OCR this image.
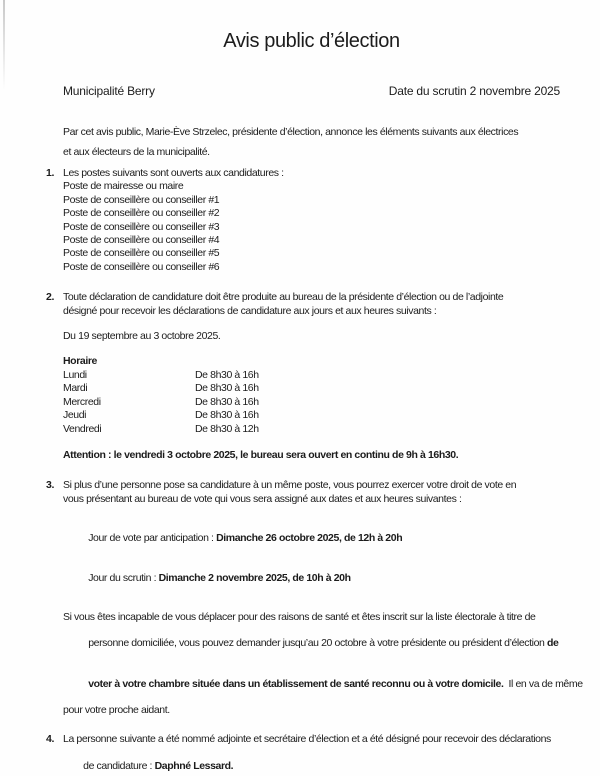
Avis public d’élection
Municipalité Berry	Date du scrutin 2 novembre 2025
Par cet avis public, Marie-Ève Strzelec, présidente d’élection, annonce les éléments suivants aux électrices
et aux électeurs de la municipalité.
1. Les postes suivants sont ouverts aux candidatures :
Poste de mairesse ou maire
Poste de conseillère ou conseiller #1
Poste de conseillère ou conseiller #2
Poste de conseillère ou conseiller #3
Poste de conseillère ou conseiller #4
Poste de conseillère ou conseiller #5
Poste de conseillère ou conseiller #6
2. Toute déclaration de candidature doit être produite au bureau de la présidente d’élection ou de l’adjointe
désigné pour recevoir les déclarations de candidature aux jours et aux heures suivants :
Du 19 septembre au 3 octobre 2025.
Horaire
Lundi	De 8h30 à 16h
Mardi	De 8h30 à 16h
Mercredi	De 8h30 à 16h
Jeudi	De 8h30 à 16h
Vendredi	De 8h30 à 12h
Attention : le vendredi 3 octobre 2025, le bureau sera ouvert en continu de 9h à 16h30.
3. Si plus d’une personne pose sa candidature à un même poste, vous pourrez exercer votre droit de vote en
vous présentant au bureau de vote qui vous sera assigné aux dates et aux heures suivantes :

Jour de vote par anticipation : Dimanche 26 octobre 2025, de 12h à 20h

Jour du scrutin : Dimanche 2 novembre 2025, de 10h à 20h

Si vous êtes incapable de vous déplacer pour des raisons de santé et êtes inscrit sur la liste électorale à titre de

personne domiciliée, vous pouvez demander jusqu’au 20 octobre à votre présidente ou président d’élection de

voter à votre chambre située dans un établissement de santé reconnu ou à votre domicile.  Il en va de même

pour votre proche aidant.
4. La personne suivante a été nommé adjointe et secrétaire d’élection et a été désigné pour recevoir des déclarations

de candidature : Daphné Lessard.
